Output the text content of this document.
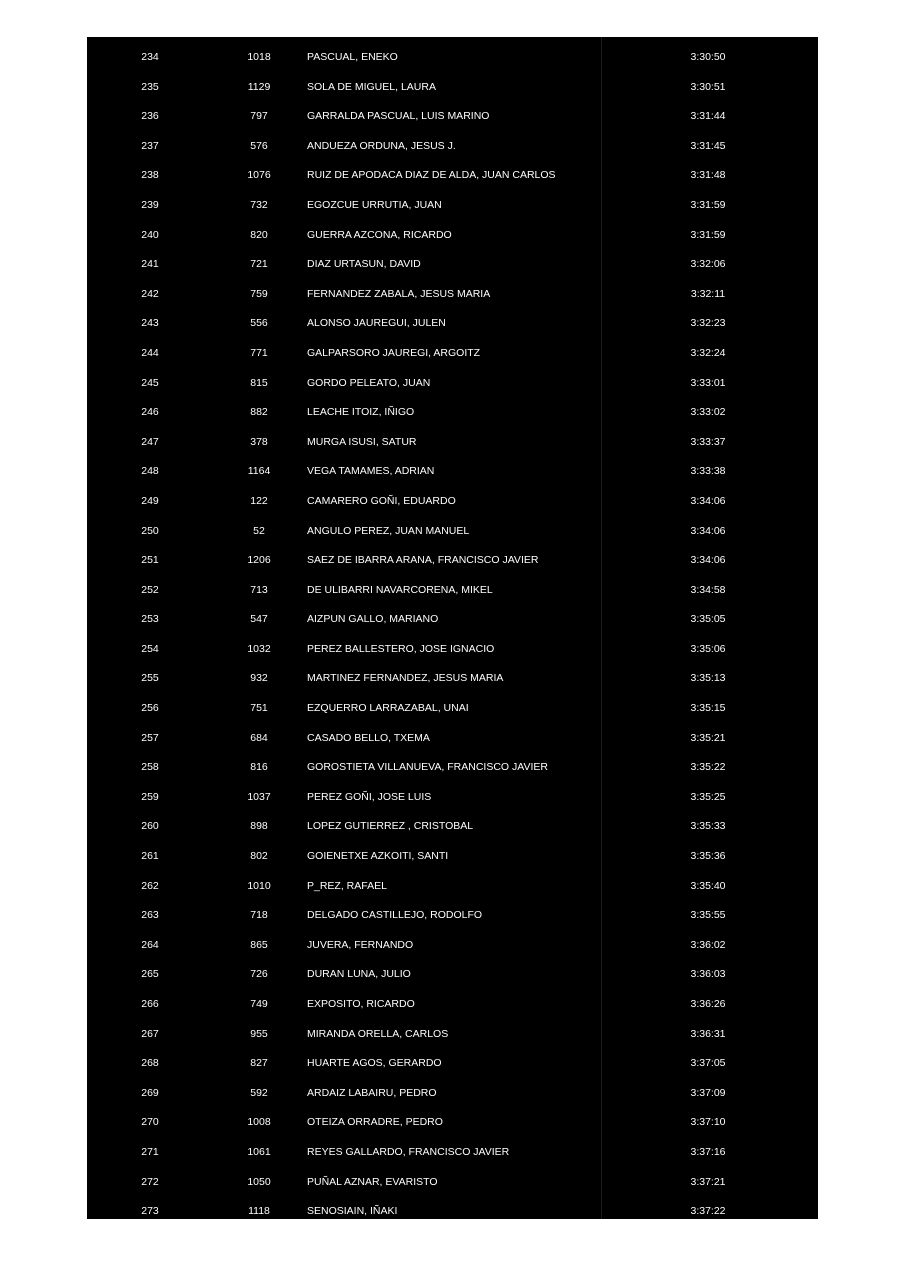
234	1018	PASCUAL, ENEKO	3:30:50
235	1129	SOLA DE MIGUEL, LAURA	3:30:51
236	797	GARRALDA PASCUAL, LUIS MARINO	3:31:44
237	576	ANDUEZA ORDUNA, JESUS J.	3:31:45
238	1076	RUIZ DE APODACA DIAZ DE ALDA, JUAN CARLOS	3:31:48
239	732	EGOZCUE URRUTIA, JUAN	3:31:59
240	820	GUERRA AZCONA, RICARDO	3:31:59
241	721	DIAZ URTASUN, DAVID	3:32:06
242	759	FERNANDEZ ZABALA, JESUS MARIA	3:32:11
243	556	ALONSO JAUREGUI, JULEN	3:32:23
244	771	GALPARSORO JAUREGI, ARGOITZ	3:32:24
245	815	GORDO PELEATO, JUAN	3:33:01
246	882	LEACHE ITOIZ, IÑIGO	3:33:02
247	378	MURGA ISUSI, SATUR	3:33:37
248	1164	VEGA TAMAMES, ADRIAN	3:33:38
249	122	CAMARERO GOÑI, EDUARDO	3:34:06
250	52	ANGULO PEREZ, JUAN MANUEL	3:34:06
251	1206	SAEZ DE IBARRA ARANA, FRANCISCO JAVIER	3:34:06
252	713	DE ULIBARRI NAVARCORENA, MIKEL	3:34:58
253	547	AIZPUN GALLO, MARIANO	3:35:05
254	1032	PEREZ BALLESTERO, JOSE IGNACIO	3:35:06
255	932	MARTINEZ FERNANDEZ, JESUS MARIA	3:35:13
256	751	EZQUERRO LARRAZABAL, UNAI	3:35:15
257	684	CASADO BELLO, TXEMA	3:35:21
258	816	GOROSTIETA VILLANUEVA, FRANCISCO JAVIER	3:35:22
259	1037	PEREZ GOÑI, JOSE LUIS	3:35:25
260	898	LOPEZ GUTIERREZ , CRISTOBAL	3:35:33
261	802	GOIENETXE AZKOITI, SANTI	3:35:36
262	1010	P_REZ, RAFAEL	3:35:40
263	718	DELGADO CASTILLEJO, RODOLFO	3:35:55
264	865	JUVERA, FERNANDO	3:36:02
265	726	DURAN LUNA, JULIO	3:36:03
266	749	EXPOSITO, RICARDO	3:36:26
267	955	MIRANDA ORELLA, CARLOS	3:36:31
268	827	HUARTE AGOS, GERARDO	3:37:05
269	592	ARDAIZ LABAIRU, PEDRO	3:37:09
270	1008	OTEIZA ORRADRE, PEDRO	3:37:10
271	1061	REYES GALLARDO, FRANCISCO JAVIER	3:37:16
272	1050	PUÑAL AZNAR, EVARISTO	3:37:21
273	1118	SENOSIAIN, IÑAKI	3:37:22
